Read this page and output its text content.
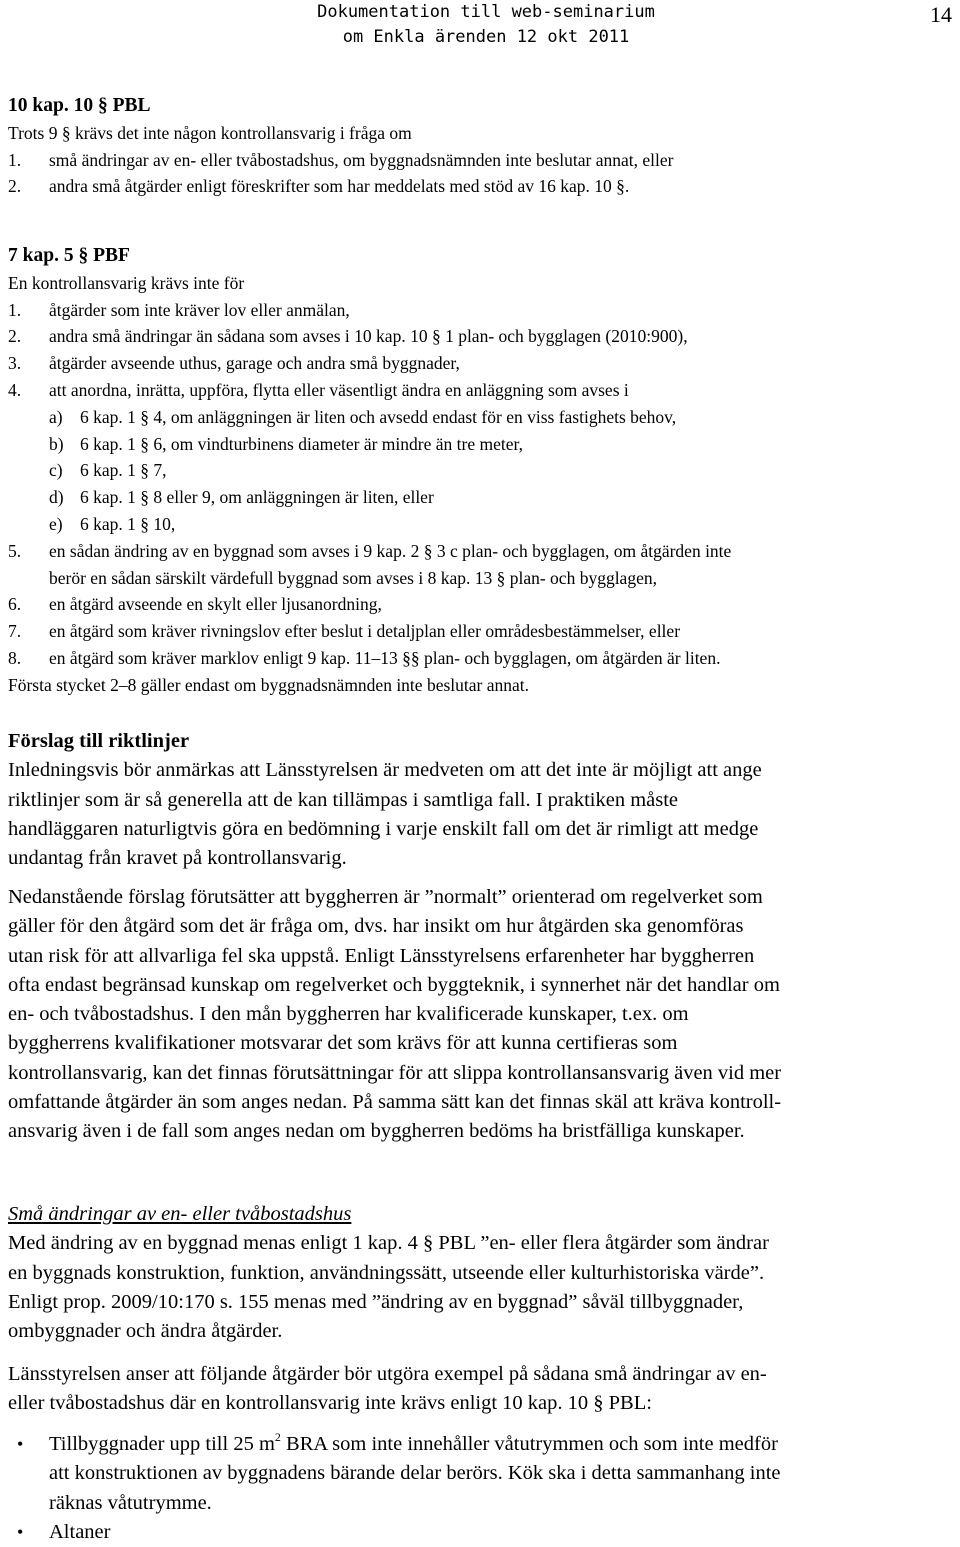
Dokumentation till web-seminarium
om Enkla ärenden 12 okt 2011
14
10 kap. 10 § PBL
Trots 9 § krävs det inte någon kontrollansvarig i fråga om
1. små ändringar av en- eller tvåbostadshus, om byggnadsnämnden inte beslutar annat, eller
2. andra små åtgärder enligt föreskrifter som har meddelats med stöd av 16 kap. 10 §.
7 kap. 5 § PBF
En kontrollansvarig krävs inte för
1. åtgärder som inte kräver lov eller anmälan,
2. andra små ändringar än sådana som avses i 10 kap. 10 § 1 plan- och bygglagen (2010:900),
3. åtgärder avseende uthus, garage och andra små byggnader,
4. att anordna, inrätta, uppföra, flytta eller väsentligt ändra en anläggning som avses i
a) 6 kap. 1 § 4, om anläggningen är liten och avsedd endast för en viss fastighets behov,
b) 6 kap. 1 § 6, om vindturbinens diameter är mindre än tre meter,
c) 6 kap. 1 § 7,
d) 6 kap. 1 § 8 eller 9, om anläggningen är liten, eller
e) 6 kap. 1 § 10,
5. en sådan ändring av en byggnad som avses i 9 kap. 2 § 3 c plan- och bygglagen, om åtgärden inte
berör en sådan särskilt värdefull byggnad som avses i 8 kap. 13 § plan- och bygglagen,
6. en åtgärd avseende en skylt eller ljusanordning,
7. en åtgärd som kräver rivningslov efter beslut i detaljplan eller områdesbestämmelser, eller
8. en åtgärd som kräver marklov enligt 9 kap. 11–13 §§ plan- och bygglagen, om åtgärden är liten.
Första stycket 2–8 gäller endast om byggnadsnämnden inte beslutar annat.
Förslag till riktlinjer
Inledningsvis bör anmärkas att Länsstyrelsen är medveten om att det inte är möjligt att ange
riktlinjer som är så generella att de kan tillämpas i samtliga fall. I praktiken måste
handläggaren naturligtvis göra en bedömning i varje enskilt fall om det är rimligt att medge
undantag från kravet på kontrollansvarig.
Nedanstående förslag förutsätter att byggherren är ”normalt” orienterad om regelverket som
gäller för den åtgärd som det är fråga om, dvs. har insikt om hur åtgärden ska genomföras
utan risk för att allvarliga fel ska uppstå. Enligt Länsstyrelsens erfarenheter har byggherren
ofta endast begränsad kunskap om regelverket och byggteknik, i synnerhet när det handlar om
en- och tvåbostadshus. I den mån byggherren har kvalificerade kunskaper, t.ex. om
byggherrens kvalifikationer motsvarar det som krävs för att kunna certifieras som
kontrollansvarig, kan det finnas förutsättningar för att slippa kontrollansansvarig även vid mer
omfattande åtgärder än som anges nedan. På samma sätt kan det finnas skäl att kräva kontroll-
ansvarig även i de fall som anges nedan om byggherren bedöms ha bristfälliga kunskaper.
Små ändringar av en- eller tvåbostadshus
Med ändring av en byggnad menas enligt 1 kap. 4 § PBL ”en- eller flera åtgärder som ändrar
en byggnads konstruktion, funktion, användningssätt, utseende eller kulturhistoriska värde”.
Enligt prop. 2009/10:170 s. 155 menas med ”ändring av en byggnad” såväl tillbyggnader,
ombyggnader och ändra åtgärder.
Länsstyrelsen anser att följande åtgärder bör utgöra exempel på sådana små ändringar av en-
eller tvåbostadshus där en kontrollansvarig inte krävs enligt 10 kap. 10 § PBL:
• Tillbyggnader upp till 25 $m^2$ BRA som inte innehåller våtutrymmen och som inte medför
att konstruktionen av byggnadens bärande delar berörs. Kök ska i detta sammanhang inte
räknas våtutrymme.
• Altaner
